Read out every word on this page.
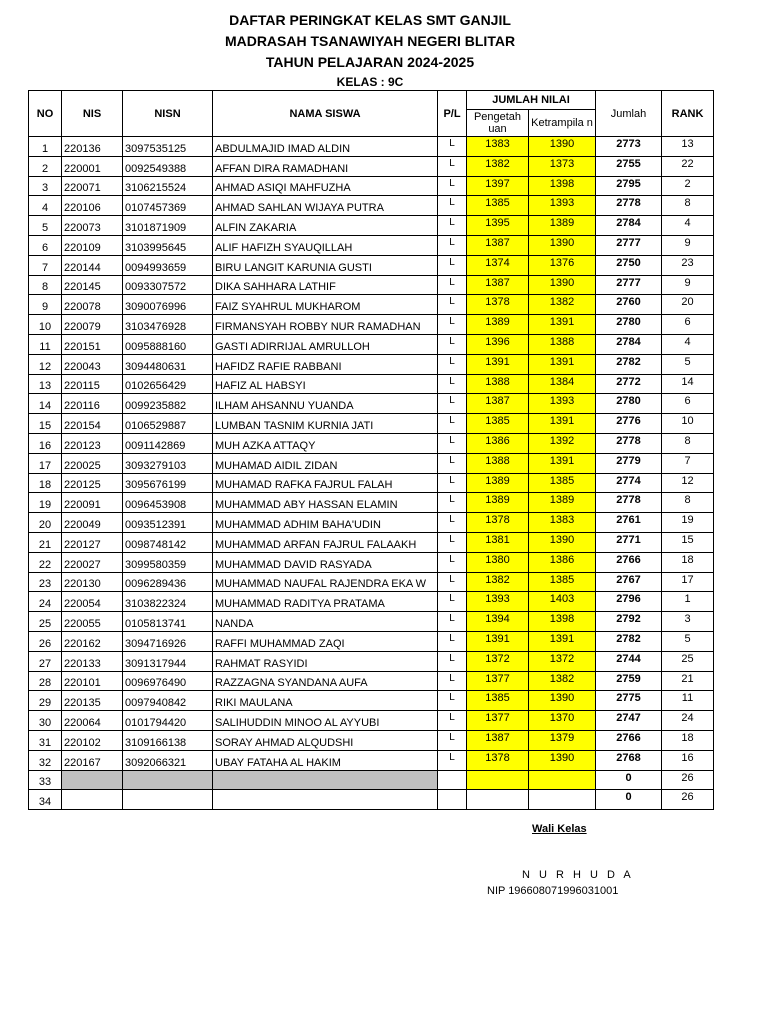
DAFTAR PERINGKAT KELAS SMT GANJIL
MADRASAH TSANAWIYAH NEGERI BLITAR
TAHUN PELAJARAN 2024-2025
KELAS : 9C
NO	NIS	NISN	NAMA SISWA	P/L	JUMLAH NILAI		Jumlah	RANK
					Pengetah uan	Ketrampila n		
1	220136	3097535125	ABDULMAJID IMAD ALDIN	L	1383	1390	2773	13
2	220001	0092549388	AFFAN DIRA RAMADHANI	L	1382	1373	2755	22
3	220071	3106215524	AHMAD ASIQI MAHFUZHA	L	1397	1398	2795	2
4	220106	0107457369	AHMAD SAHLAN WIJAYA PUTRA	L	1385	1393	2778	8
5	220073	3101871909	ALFIN ZAKARIA	L	1395	1389	2784	4
6	220109	3103995645	ALIF HAFIZH SYAUQILLAH	L	1387	1390	2777	9
7	220144	0094993659	BIRU LANGIT KARUNIA GUSTI	L	1374	1376	2750	23
8	220145	0093307572	DIKA SAHHARA LATHIF	L	1387	1390	2777	9
9	220078	3090076996	FAIZ SYAHRUL MUKHAROM	L	1378	1382	2760	20
10	220079	3103476928	FIRMANSYAH ROBBY NUR RAMADHAN	L	1389	1391	2780	6
11	220151	0095888160	GASTI ADIRRIJAL AMRULLOH	L	1396	1388	2784	4
12	220043	3094480631	HAFIDZ RAFIE RABBANI	L	1391	1391	2782	5
13	220115	0102656429	HAFIZ AL HABSYI	L	1388	1384	2772	14
14	220116	0099235882	ILHAM AHSANNU YUANDA	L	1387	1393	2780	6
15	220154	0106529887	LUMBAN TASNIM KURNIA JATI	L	1385	1391	2776	10
16	220123	0091142869	MUH AZKA ATTAQY	L	1386	1392	2778	8
17	220025	3093279103	MUHAMAD AIDIL ZIDAN	L	1388	1391	2779	7
18	220125	3095676199	MUHAMAD RAFKA FAJRUL FALAH	L	1389	1385	2774	12
19	220091	0096453908	MUHAMMAD ABY HASSAN ELAMIN	L	1389	1389	2778	8
20	220049	0093512391	MUHAMMAD ADHIM BAHA'UDIN	L	1378	1383	2761	19
21	220127	0098748142	MUHAMMAD ARFAN FAJRUL FALAAKH	L	1381	1390	2771	15
22	220027	3099580359	MUHAMMAD DAVID RASYADA	L	1380	1386	2766	18
23	220130	0096289436	MUHAMMAD NAUFAL RAJENDRA EKA W	L	1382	1385	2767	17
24	220054	3103822324	MUHAMMAD RADITYA PRATAMA	L	1393	1403	2796	1
25	220055	0105813741	NANDA	L	1394	1398	2792	3
26	220162	3094716926	RAFFI MUHAMMAD ZAQI	L	1391	1391	2782	5
27	220133	3091317944	RAHMAT RASYIDI	L	1372	1372	2744	25
28	220101	0096976490	RAZZAGNA SYANDANA AUFA	L	1377	1382	2759	21
29	220135	0097940842	RIKI MAULANA	L	1385	1390	2775	11
30	220064	0101794420	SALIHUDDIN MINOO AL AYYUBI	L	1377	1370	2747	24
31	220102	3109166138	SORAY AHMAD ALQUDSHI	L	1387	1379	2766	18
32	220167	3092066321	UBAY FATAHA AL HAKIM	L	1378	1390	2768	16
33							0	26
34							0	26
Wali Kelas
N U R H U D A
NIP 196608071996031001
